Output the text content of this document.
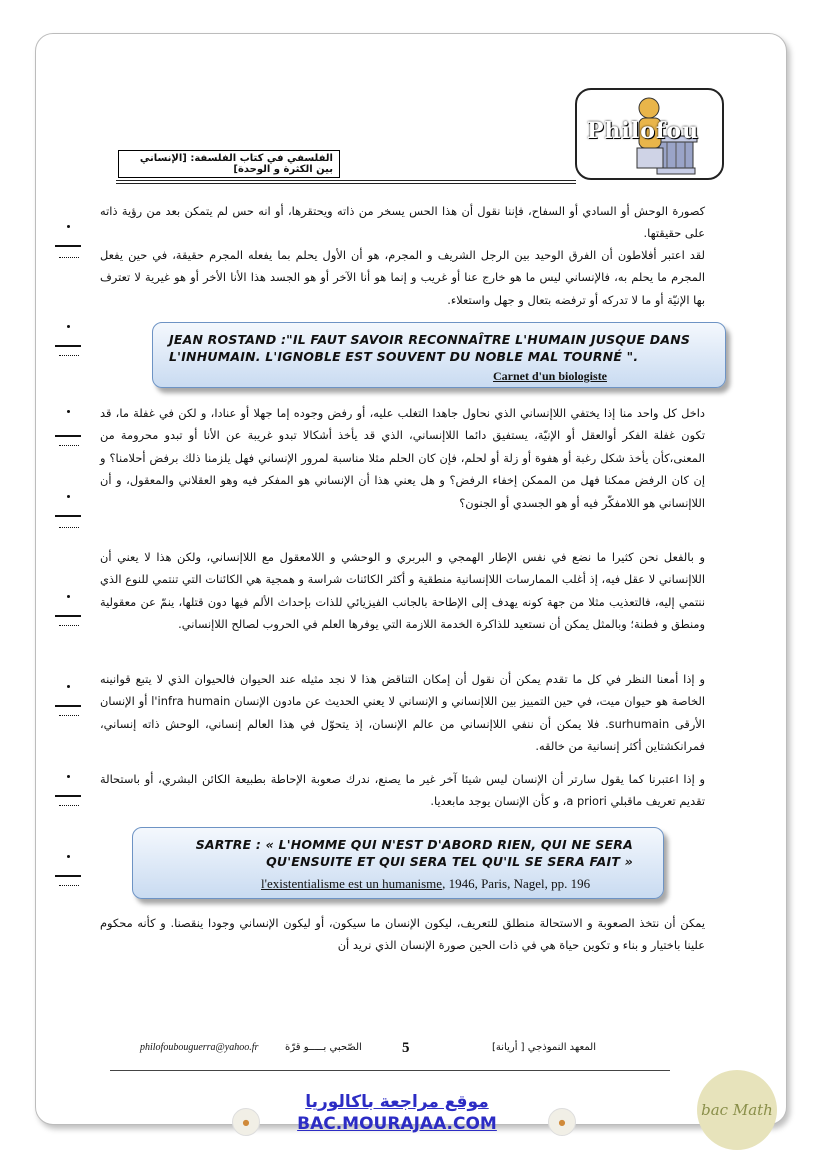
Philofou
الفلسفي في كتاب الفلسفة: [الإنساني بين الكثرة و الوحدة]
كصورة الوحش أو السادي أو السفاح، فإننا نقول أن هذا الحس يسخر من ذاته ويحتقرها، أو انه حس لم يتمكن بعد من رؤية ذاته على حقيقتها.
لقد اعتبر أفلاطون أن الفرق الوحيد بين الرجل الشريف و المجرم، هو أن الأول يحلم بما يفعله المجرم حقيقة، في حين يفعل المجرم ما يحلم به، فالإنساني ليس ما هو خارج عنا أو غريب و إنما هو أنا الآخر أو هو الجسد هذا الأنا الأخر أو هو غيرية لا تعترف بها الإنيّة أو ما لا تدركه أو ترفضه بتعال و جهل واستعلاء.
JEAN ROSTAND :"IL FAUT SAVOIR RECONNAÎTRE L'HUMAIN JUSQUE DANS L'INHUMAIN. L'IGNOBLE EST SOUVENT DU NOBLE MAL TOURNÉ ".
Carnet d'un biologiste
داخل كل واحد منا إذا يختفي اللاإنساني الذي نحاول جاهدا التغلب عليه، أو رفض وجوده إما جهلا أو عنادا، و لكن في غفلة ما، قد تكون غفلة الفكر أوالعقل أو الإنيّة، يستفيق دائما اللاإنساني، الذي قد يأخذ أشكالا تبدو غريبة عن الأنا أو تبدو محرومة من المعنى،كأن يأخذ شكل رغبة أو هفوة أو زلة أو لحلم، فإن كان الحلم مثلا مناسبة لمرور الإنساني فهل يلزمنا ذلك برفض أحلامنا؟ و إن كان الرفض ممكنا فهل من الممكن إخفاء الرفض؟ و هل يعني هذا أن الإنساني هو المفكر فيه وهو العقلاني والمعقول، و أن اللاإنساني هو اللامفكّر فيه أو هو الجسدي أو الجنون؟
و بالفعل نحن كثيرا ما نضع في نفس الإطار الهمجي و البربري و الوحشي و اللامعقول مع اللاإنساني، ولكن هذا لا يعني أن اللاإنساني لا عقل فيه، إذ أغلب الممارسات اللاإنسانية منطقية و أكثر الكائنات شراسة و همجية هي الكائنات التي تنتمي للنوع الذي ننتمي إليه، فالتعذيب مثلا من جهة كونه يهدف إلى الإطاحة بالجانب الفيزيائي للذات بإحداث الألم فيها دون قتلها، ينمّ عن معقولية ومنطق و فطنة؛ وبالمثل يمكن أن نستعيد للذاكرة الخدمة اللازمة التي يوفرها العلم في الحروب لصالح اللاإنساني.
و إذا أمعنا النظر في كل ما تقدم يمكن أن نقول أن إمكان التناقض هذا لا نجد مثيله عند الحيوان فالحيوان الذي لا يتبع قوانينه الخاصة هو حيوان ميت، في حين التمييز بين اللاإنساني و الإنساني لا يعني الحديث عن مادون الإنسان l'infra humain أو الإنسان الأرقى surhumain. فلا يمكن أن ننفي اللاإنساني من عالم الإنسان، إذ يتحوّل في هذا العالم إنساني، الوحش ذاته إنساني، فمرانكشتاين أكثر إنسانية من خالقه.
و إذا اعتبرنا كما يقول سارتر أن الإنسان ليس شيئا آخر غير ما يصنع، ندرك صعوبة الإحاطة بطبيعة الكائن البشري، أو باستحالة تقديم تعريف ماقبلي a priori، و كأن الإنسان يوجد مابعديا.
SARTRE : « L'HOMME QUI N'EST D'ABORD RIEN, QUI NE SERA QU'ENSUITE ET QUI SERA TEL QU'IL SE SERA FAIT »
l'existentialisme est un humanisme, 1946, Paris, Nagel, pp. 196
يمكن أن نتخذ الصعوبة و الاستحالة منطلق للتعريف، ليكون الإنسان ما سيكون، أو ليكون الإنساني وجودا ينقصنا. و كأنه محكوم علينا باختيار و بناء و تكوين حياة هي في ذات الحين صورة الإنسان الذي نريد أن
philofoubouguerra@yahoo.fr	الصّحبي بـــــو قرّة	5	المعهد النموذجي [ أريانة]
●
موقع مراجعة باكالوريا
BAC.MOURAJAA.COM	●
bac Math
